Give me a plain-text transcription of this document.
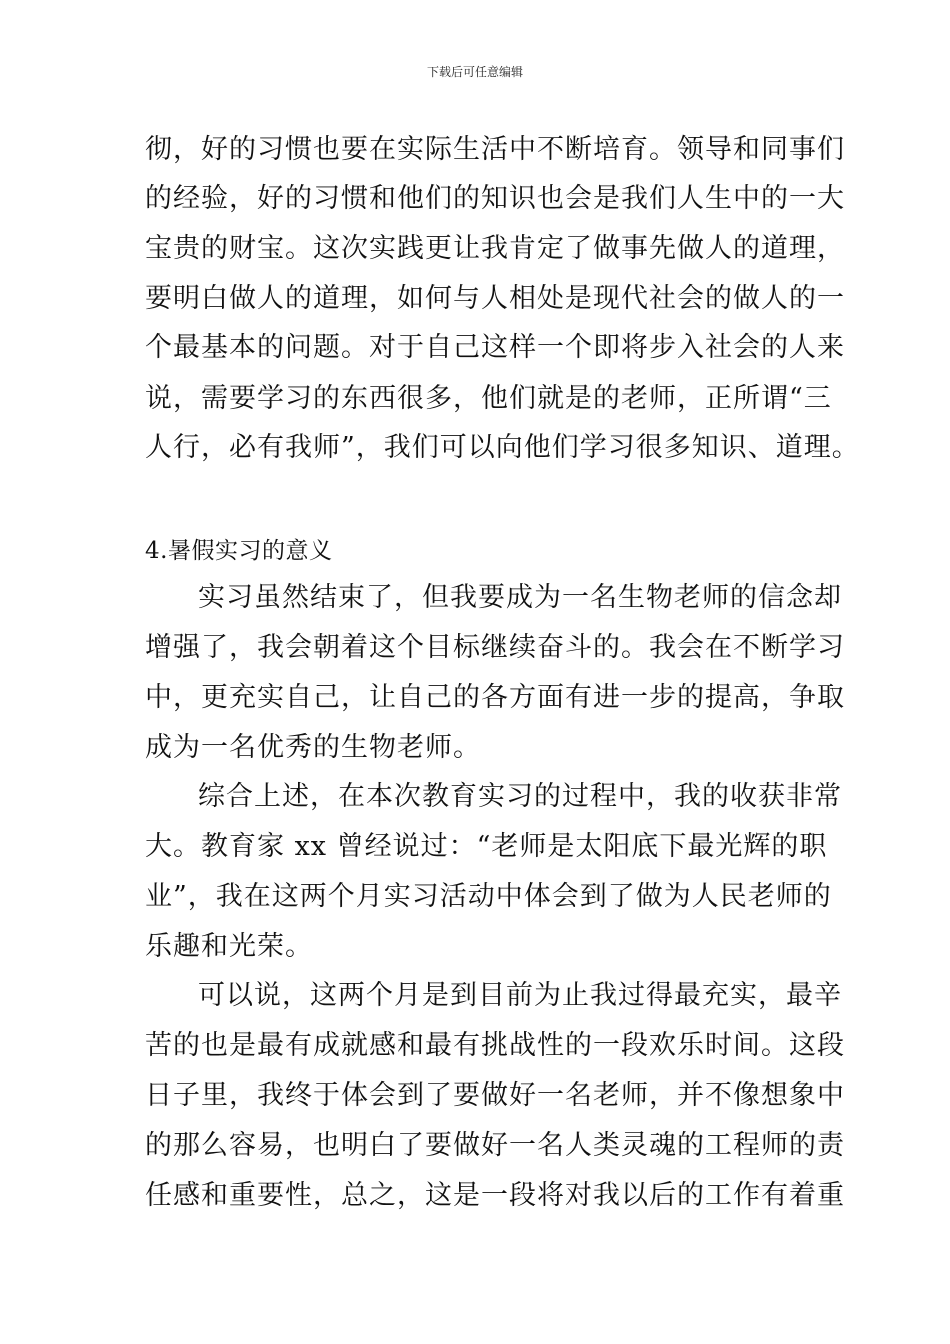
下载后可任意编辑
彻，好的习惯也要在实际生活中不断培育。领导和同事们
的经验，好的习惯和他们的知识也会是我们人生中的一大
宝贵的财宝。这次实践更让我肯定了做事先做人的道理，
要明白做人的道理，如何与人相处是现代社会的做人的一
个最基本的问题。对于自己这样一个即将步入社会的人来
说，需要学习的东西很多，他们就是的老师，正所谓“三
人行，必有我师”，我们可以向他们学习很多知识、道理。
4.暑假实习的意义
实习虽然结束了，但我要成为一名生物老师的信念却
增强了，我会朝着这个目标继续奋斗的。我会在不断学习
中，更充实自己，让自己的各方面有进一步的提高，争取
成为一名优秀的生物老师。
综合上述，在本次教育实习的过程中，我的收获非常
大。教育家 xx 曾经说过：“老师是太阳底下最光辉的职
业”，我在这两个月实习活动中体会到了做为人民老师的
乐趣和光荣。
可以说，这两个月是到目前为止我过得最充实，最辛
苦的也是最有成就感和最有挑战性的一段欢乐时间。这段
日子里，我终于体会到了要做好一名老师，并不像想象中
的那么容易，也明白了要做好一名人类灵魂的工程师的责
任感和重要性，总之，这是一段将对我以后的工作有着重
